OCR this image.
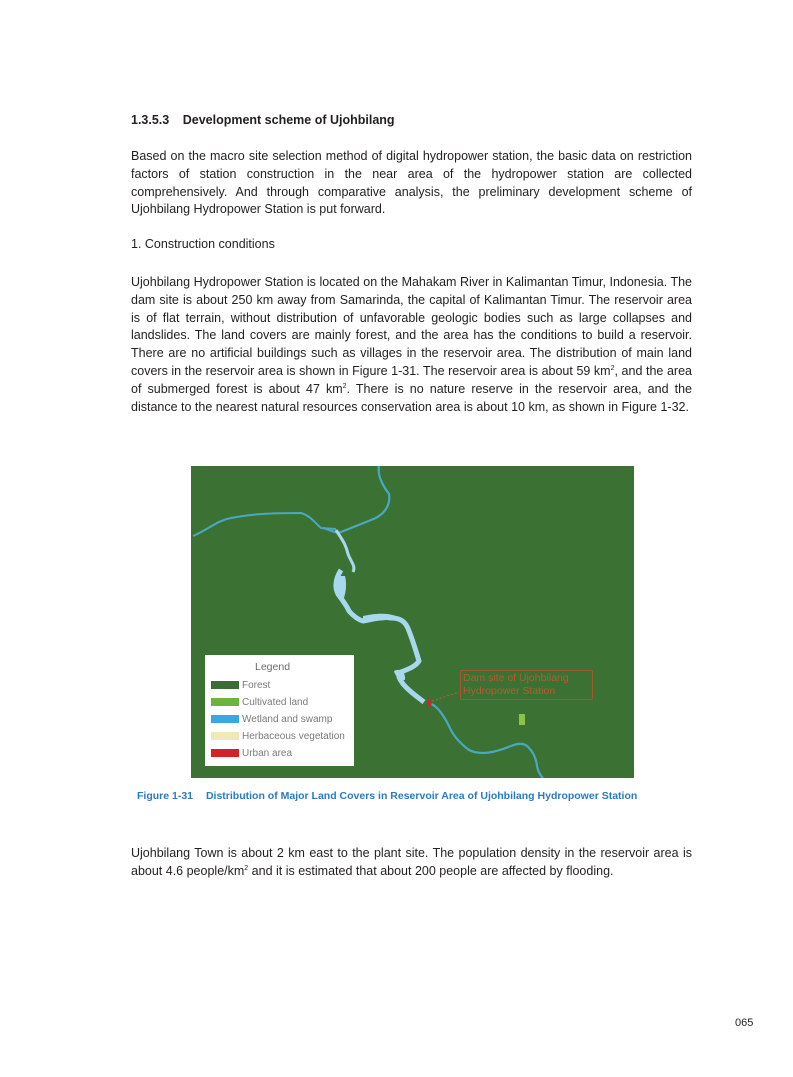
1.3.5.3 Development scheme of Ujohbilang
Based on the macro site selection method of digital hydropower station, the basic data on restriction factors of station construction in the near area of the hydropower station are collected comprehensively. And through comparative analysis, the preliminary development scheme of Ujohbilang Hydropower Station is put forward.
1. Construction conditions
Ujohbilang Hydropower Station is located on the Mahakam River in Kalimantan Timur, Indonesia. The dam site is about 250 km away from Samarinda, the capital of Kalimantan Timur. The reservoir area is of flat terrain, without distribution of unfavorable geologic bodies such as large collapses and landslides. The land covers are mainly forest, and the area has the conditions to build a reservoir. There are no artificial buildings such as villages in the reservoir area. The distribution of main land covers in the reservoir area is shown in Figure 1-31. The reservoir area is about 59 $km^2$, and the area of submerged forest is about 47 $km^2$. There is no nature reserve in the reservoir area, and the distance to the nearest natural resources conservation area is about 10 km, as shown in Figure 1-32.
Dam site of Ujohbilang
Hydropower Station
Legend
Forest
Cultivated land
Wetland and swamp
Herbaceous vegetation
Urban area
Figure 1-31 Distribution of Major Land Covers in Reservoir Area of Ujohbilang Hydropower Station
Ujohbilang Town is about 2 km east to the plant site. The population density in the reservoir area is about 4.6 people/$km^2$ and it is estimated that about 200 people are affected by flooding.
065
